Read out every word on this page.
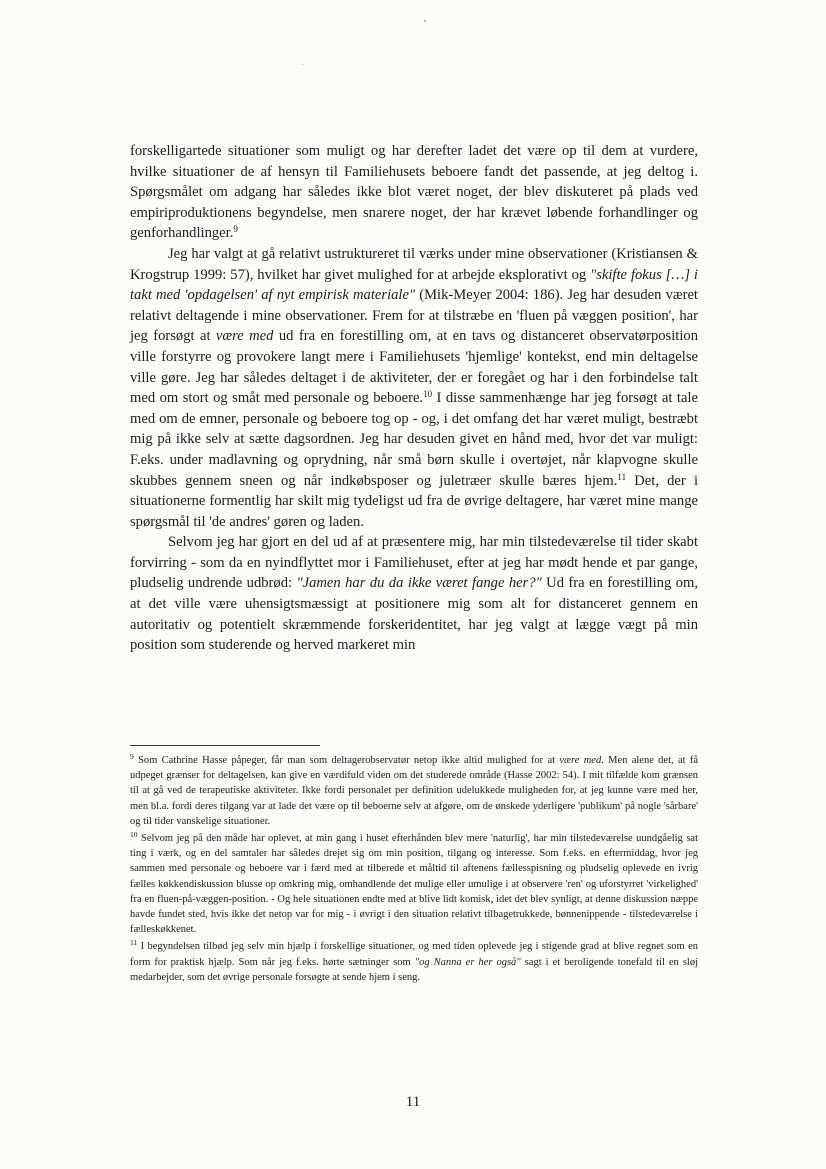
forskelligartede situationer som muligt og har derefter ladet det være op til dem at vurdere, hvilke situationer de af hensyn til Familiehusets beboere fandt det passende, at jeg deltog i. Spørgsmålet om adgang har således ikke blot været noget, der blev diskuteret på plads ved empiriproduktionens begyndelse, men snarere noget, der har krævet løbende forhandlinger og genforhandlinger.$^9$

Jeg har valgt at gå relativt ustruktureret til værks under mine observationer (Kristiansen & Krogstrup 1999: 57), hvilket har givet mulighed for at arbejde eksplorativt og "skifte fokus […] i takt med 'opdagelsen' af nyt empirisk materiale" (Mik-Meyer 2004: 186). Jeg har desuden været relativt deltagende i mine observationer. Frem for at tilstræbe en 'fluen på væggen position', har jeg forsøgt at være med ud fra en forestilling om, at en tavs og distanceret observatørposition ville forstyrre og provokere langt mere i Familiehusets 'hjemlige' kontekst, end min deltagelse ville gøre. Jeg har således deltaget i de aktiviteter, der er foregået og har i den forbindelse talt med om stort og småt med personale og beboere.$^{10}$ I disse sammenhænge har jeg forsøgt at tale med om de emner, personale og beboere tog op - og, i det omfang det har været muligt, bestræbt mig på ikke selv at sætte dagsordnen. Jeg har desuden givet en hånd med, hvor det var muligt: F.eks. under madlavning og oprydning, når små børn skulle i overtøjet, når klapvogne skulle skubbes gennem sneen og når indkøbsposer og juletræer skulle bæres hjem.$^{11}$ Det, der i situationerne formentlig har skilt mig tydeligst ud fra de øvrige deltagere, har været mine mange spørgsmål til 'de andres' gøren og laden.

Selvom jeg har gjort en del ud af at præsentere mig, har min tilstedeværelse til tider skabt forvirring - som da en nyindflyttet mor i Familiehuset, efter at jeg har mødt hende et par gange, pludselig undrende udbrød: "Jamen har du da ikke været fange her?" Ud fra en forestilling om, at det ville være uhensigtsmæssigt at positionere mig som alt for distanceret gennem en autoritativ og potentielt skræmmende forskeridentitet, har jeg valgt at lægge vægt på min position som studerende og herved markeret min

$^9$ Som Cathrine Hasse påpeger, får man som deltagerobservatør netop ikke altid mulighed for at være med. Men alene det, at få udpeget grænser for deltagelsen, kan give en værdifuld viden om det studerede område (Hasse 2002: 54). I mit tilfælde kom grænsen til at gå ved de terapeutiske aktiviteter. Ikke fordi personalet per definition udelukkede muligheden for, at jeg kunne være med her, men bl.a. fordi deres tilgang var at lade det være op til beboerne selv at afgøre, om de ønskede yderligere 'publikum' på nogle 'sårbare' og til tider vanskelige situationer.

$^{10}$ Selvom jeg på den måde har oplevet, at min gang i huset efterhånden blev mere 'naturlig', har min tilstedeværelse uundgåelig sat ting i værk, og en del samtaler har således drejet sig om min position, tilgang og interesse. Som f.eks. en eftermiddag, hvor jeg sammen med personale og beboere var i færd med at tilberede et måltid til aftenens fællesspisning og pludselig oplevede en ivrig fælles køkkendiskussion blusse op omkring mig, omhandlende det mulige eller umulige i at observere 'ren' og uforstyrret 'virkelighed' fra en fluen-på-væggen-position. - Og hele situationen endte med at blive lidt komisk, idet det blev synligt, at denne diskussion næppe havde fundet sted, hvis ikke det netop var for mig - i øvrigt i den situation relativt tilbagetrukkede, bønnenippende - tilstedeværelse i fælleskøkkenet.

$^{11}$ I begyndelsen tilbød jeg selv min hjælp i forskellige situationer, og med tiden oplevede jeg i stigende grad at blive regnet som en form for praktisk hjælp. Som når jeg f.eks. hørte sætninger som "og Nanna er her også" sagt i et beroligende tonefald til en sløj medarbejder, som det øvrige personale forsøgte at sende hjem i seng.

11
